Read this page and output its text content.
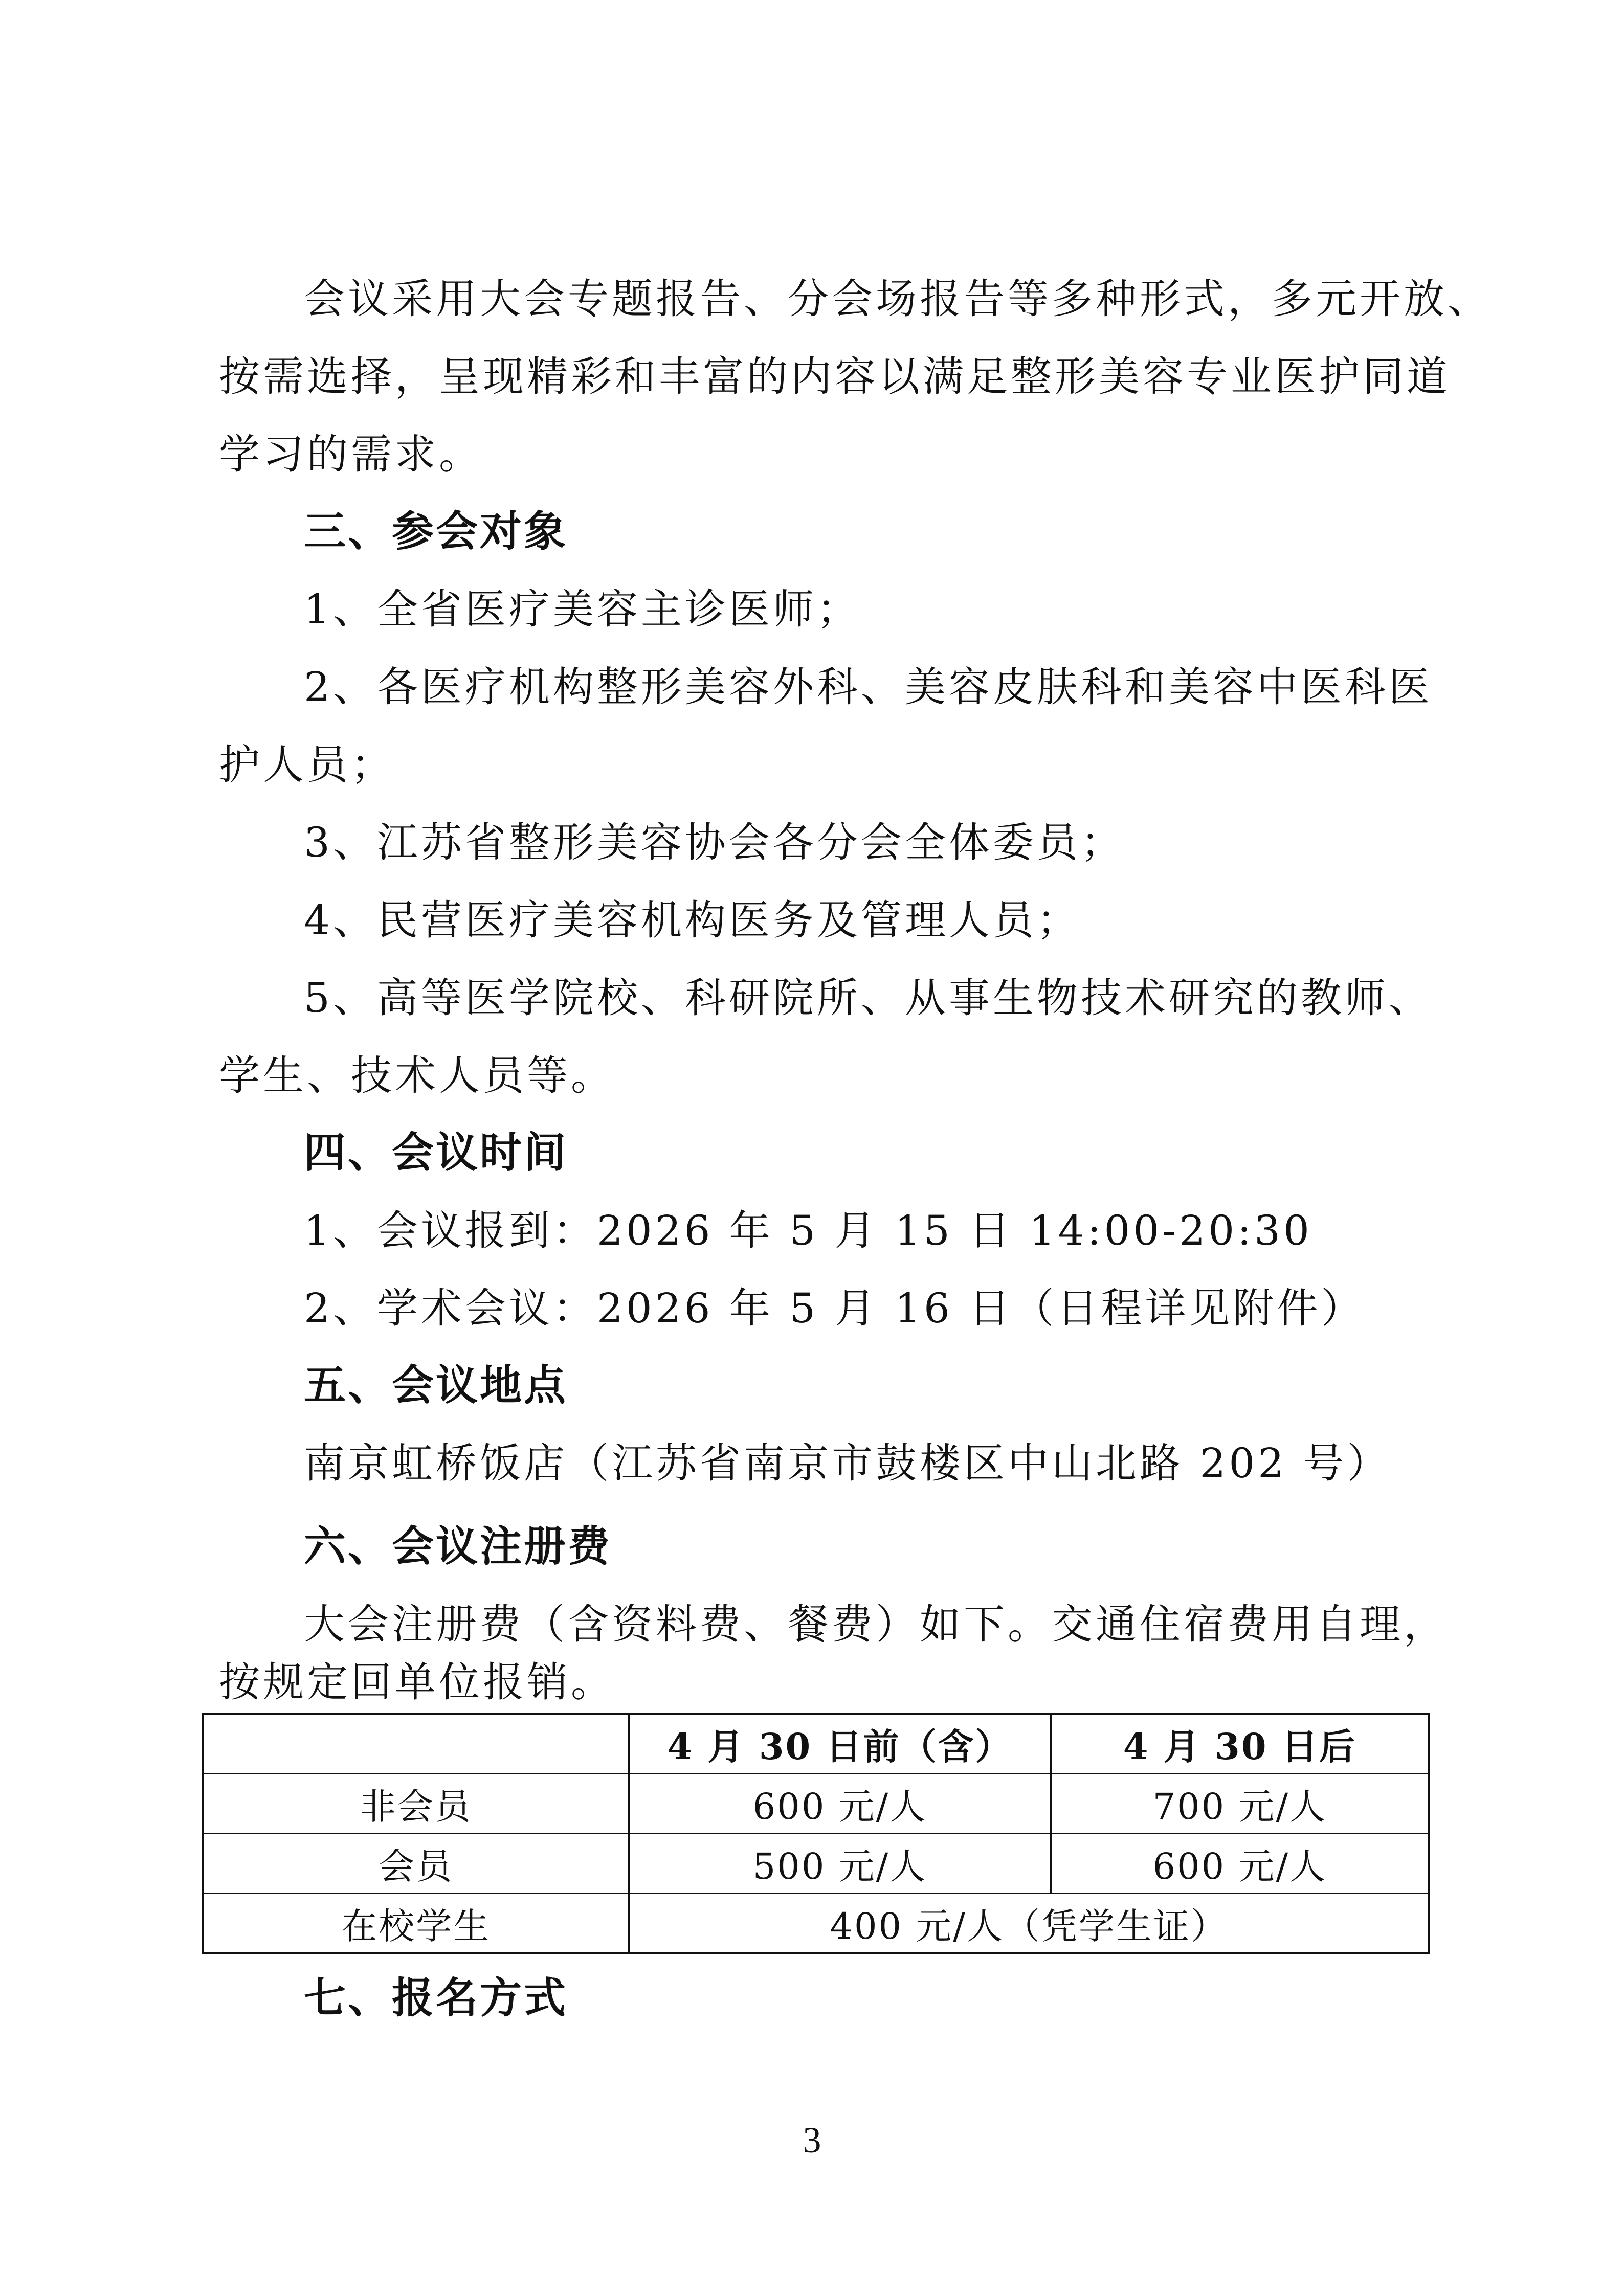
会议采用大会专题报告、分会场报告等多种形式，多元开放、
按需选择，呈现精彩和丰富的内容以满足整形美容专业医护同道
学习的需求。
三、参会对象
1、全省医疗美容主诊医师；
2、各医疗机构整形美容外科、美容皮肤科和美容中医科医
护人员；
3、江苏省整形美容协会各分会全体委员；
4、民营医疗美容机构医务及管理人员；
5、高等医学院校、科研院所、从事生物技术研究的教师、
学生、技术人员等。
四、会议时间
1、会议报到：2026 年 5 月 15 日 14:00-20:30
2、学术会议：2026 年 5 月 16 日（日程详见附件）
五、会议地点
南京虹桥饭店（江苏省南京市鼓楼区中山北路 202 号）
六、会议注册费
大会注册费（含资料费、餐费）如下。交通住宿费用自理，
按规定回单位报销。
	4 月 30 日前（含）	4 月 30 日后
非会员	600 元/人	700 元/人
会员	500 元/人	600 元/人
在校学生	400 元/人（凭学生证）	
七、报名方式
3
